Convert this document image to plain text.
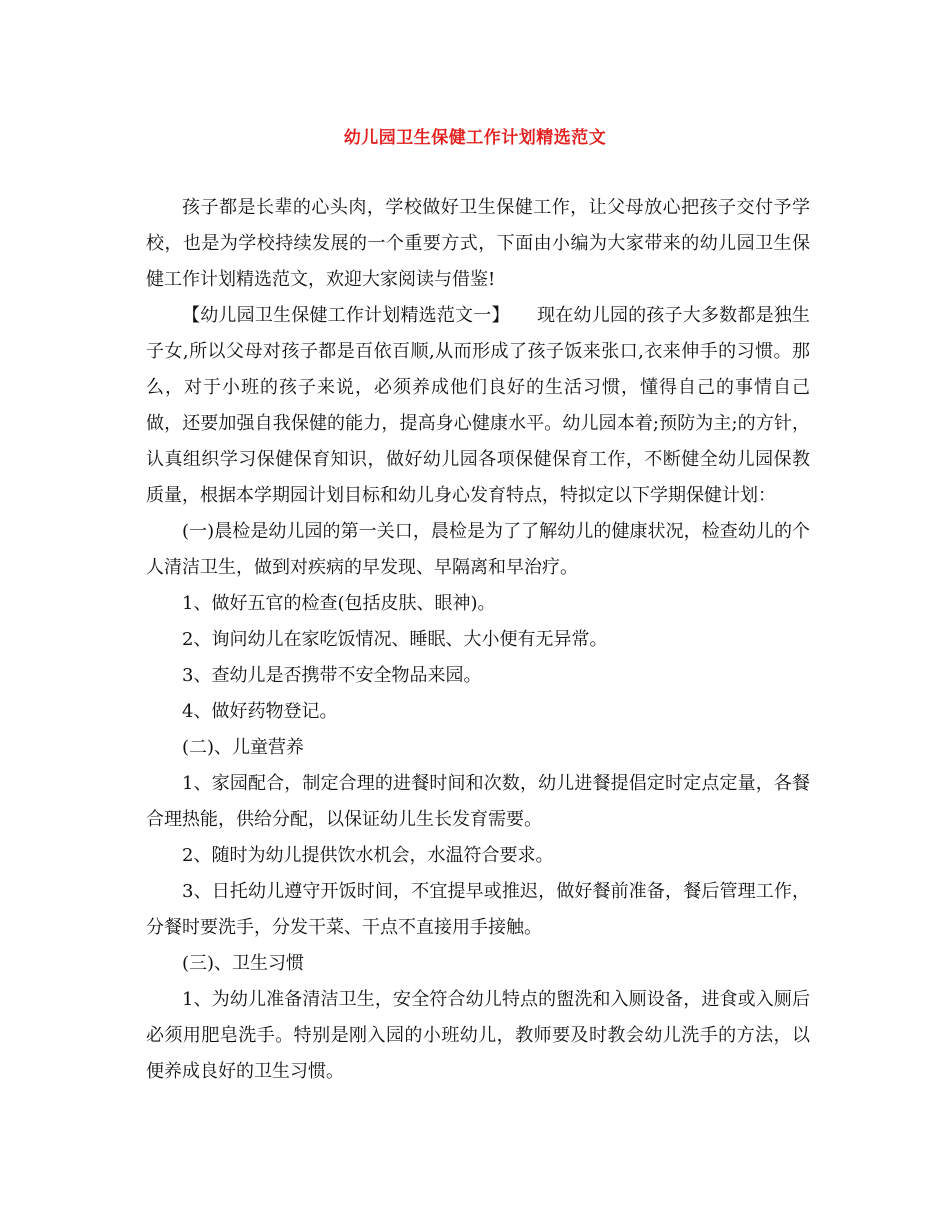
幼儿园卫生保健工作计划精选范文

孩子都是长辈的心头肉，学校做好卫生保健工作，让父母放心把孩子交付予学校，也是为学校持续发展的一个重要方式，下面由小编为大家带来的幼儿园卫生保健工作计划精选范文，欢迎大家阅读与借鉴!

【幼儿园卫生保健工作计划精选范文一】　　现在幼儿园的孩子大多数都是独生子女,所以父母对孩子都是百依百顺,从而形成了孩子饭来张口,衣来伸手的习惯。那么，对于小班的孩子来说，必须养成他们良好的生活习惯，懂得自己的事情自己做，还要加强自我保健的能力，提高身心健康水平。幼儿园本着;预防为主;的方针，认真组织学习保健保育知识，做好幼儿园各项保健保育工作，不断健全幼儿园保教质量，根据本学期园计划目标和幼儿身心发育特点，特拟定以下学期保健计划：

(一)晨检是幼儿园的第一关口，晨检是为了了解幼儿的健康状况，检查幼儿的个人清洁卫生，做到对疾病的早发现、早隔离和早治疗。

1、做好五官的检查(包括皮肤、眼神)。

2、询问幼儿在家吃饭情况、睡眠、大小便有无异常。

3、查幼儿是否携带不安全物品来园。

4、做好药物登记。

(二)、儿童营养

1、家园配合，制定合理的进餐时间和次数，幼儿进餐提倡定时定点定量，各餐合理热能，供给分配，以保证幼儿生长发育需要。

2、随时为幼儿提供饮水机会，水温符合要求。

3、日托幼儿遵守开饭时间，不宜提早或推迟，做好餐前准备，餐后管理工作，分餐时要洗手，分发干菜、干点不直接用手接触。

(三)、卫生习惯

1、为幼儿准备清洁卫生，安全符合幼儿特点的盥洗和入厕设备，进食或入厕后必须用肥皂洗手。特别是刚入园的小班幼儿，教师要及时教会幼儿洗手的方法，以便养成良好的卫生习惯。
